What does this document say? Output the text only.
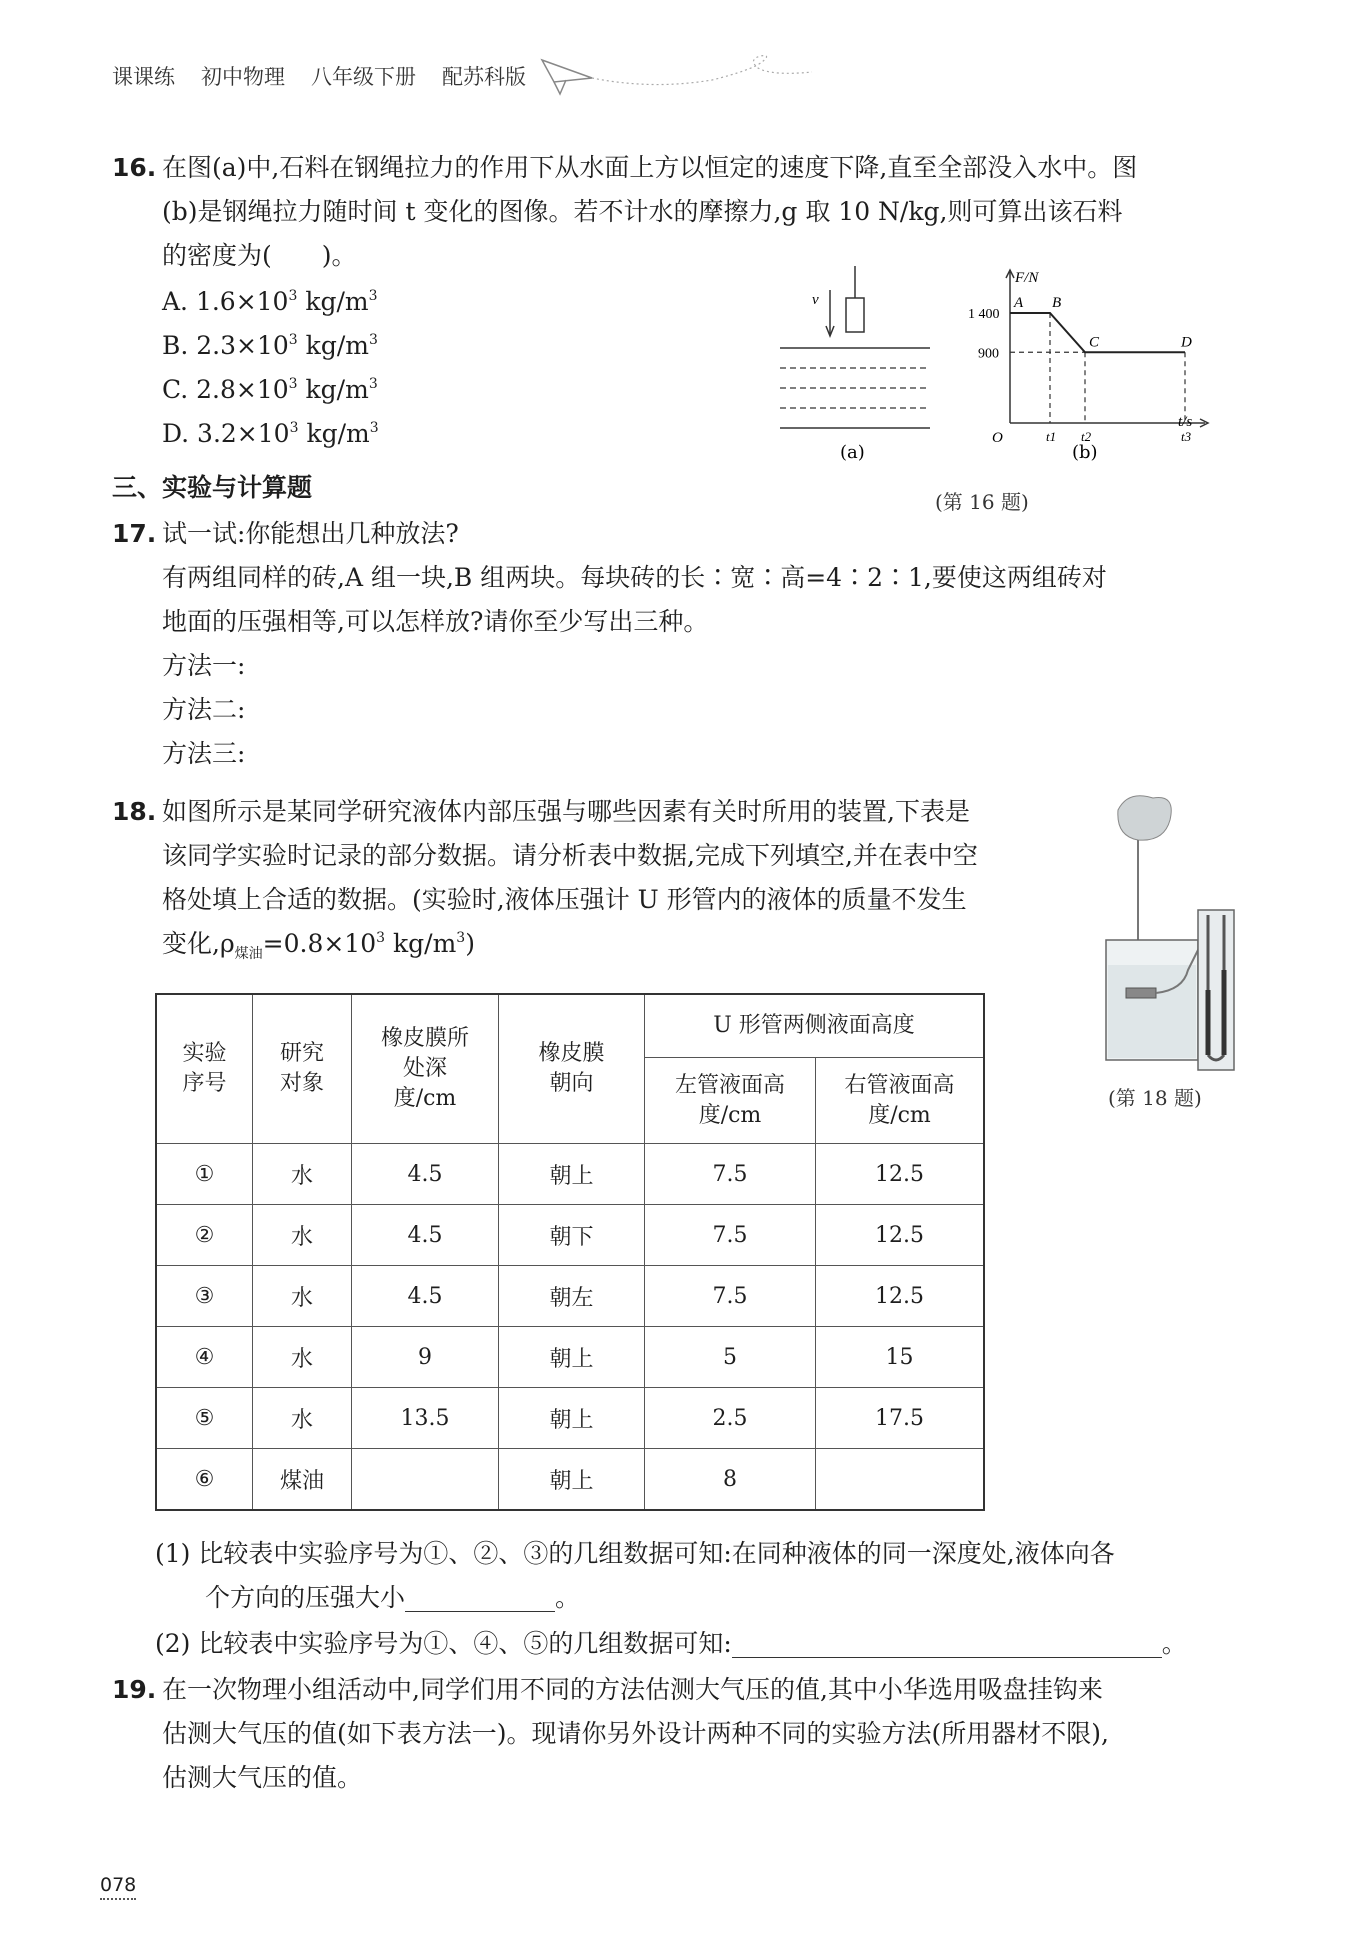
课课练 初中物理 八年级下册 配苏科版
16. 在图(a)中,石料在钢绳拉力的作用下从水面上方以恒定的速度下降,直至全部没入水中。图
(b)是钢绳拉力随时间 t 变化的图像。若不计水的摩擦力,g 取 10 N/kg,则可算出该石料
的密度为(　　)。
A. $1.6\times 10^3$ $kg/m^3$
B. $2.3\times 10^3$ $kg/m^3$
C. $2.8\times 10^3$ $kg/m^3$
D. $3.2\times 10^3$ $kg/m^3$
v
(a)
F/N
t/s
O
1 400
900
A B
C	D
t1 t2	t3
(b)
(第 16 题)
三、实验与计算题
17. 试一试:你能想出几种放法?
有两组同样的砖,A 组一块,B 组两块。每块砖的长∶宽∶高=4∶2∶1,要使这两组砖对
地面的压强相等,可以怎样放?请你至少写出三种。
方法一:
方法二:
方法三:
18. 如图所示是某同学研究液体内部压强与哪些因素有关时所用的装置,下表是
该同学实验时记录的部分数据。请分析表中数据,完成下列填空,并在表中空
格处填上合适的数据。(实验时,液体压强计 U 形管内的液体的质量不发生
变化$,\rho_{煤油}=0.8\times 10^3$ $kg/m^3$)
(第 18 题)
实验序号	研究对象	橡皮膜所处深度/cm	橡皮膜朝向	U 形管两侧液面高度	
				左管液面高度/cm	右管液面高度/cm
①	水	4.5	朝上	7.5	12.5
②	水	4.5	朝下	7.5	12.5
③	水	4.5	朝左	7.5	12.5
④	水	9	朝上	5	15
⑤	水	13.5	朝上	2.5	17.5
⑥	煤油		朝上	8	
(1) 比较表中实验序号为①、②、③的几组数据可知:在同种液体的同一深度处,液体向各
个方向的压强大小	。
(2) 比较表中实验序号为①、④、⑤的几组数据可知:	。
19. 在一次物理小组活动中,同学们用不同的方法估测大气压的值,其中小华选用吸盘挂钩来
估测大气压的值(如下表方法一)。现请你另外设计两种不同的实验方法(所用器材不限),
估测大气压的值。
078
